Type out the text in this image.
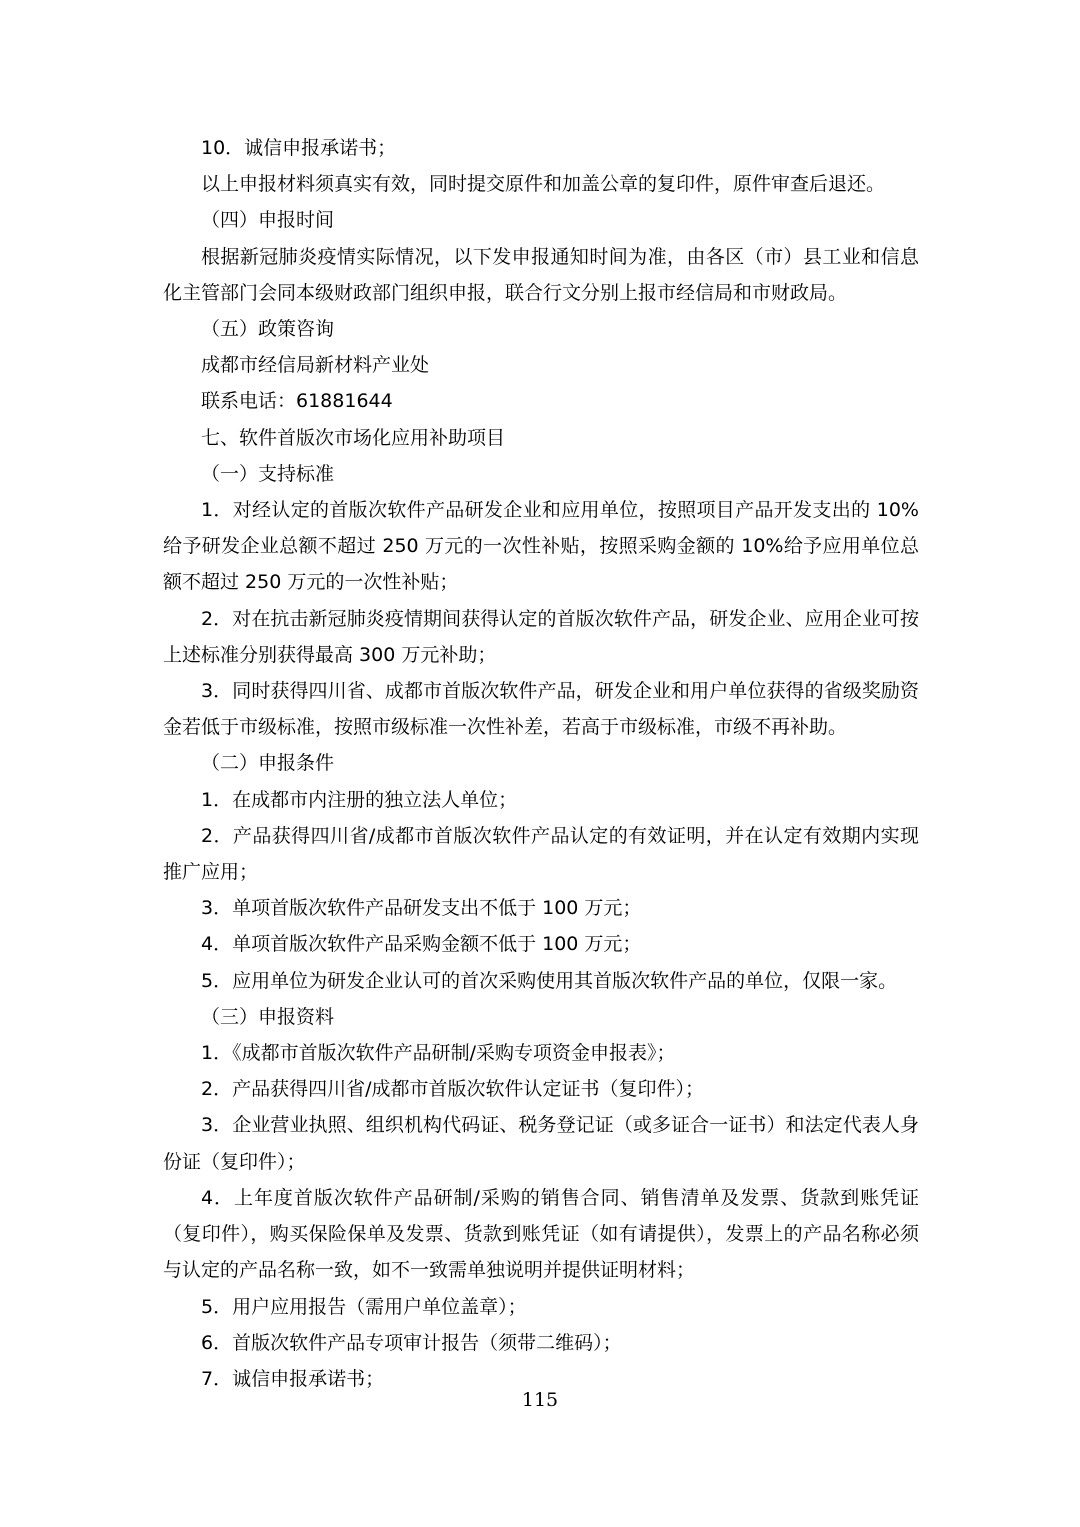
10．诚信申报承诺书；

以上申报材料须真实有效，同时提交原件和加盖公章的复印件，原件审查后退还。

（四）申报时间

根据新冠肺炎疫情实际情况，以下发申报通知时间为准，由各区（市）县工业和信息化主管部门会同本级财政部门组织申报，联合行文分别上报市经信局和市财政局。

（五）政策咨询

成都市经信局新材料产业处

联系电话：61881644

七、软件首版次市场化应用补助项目

（一）支持标准

1．对经认定的首版次软件产品研发企业和应用单位，按照项目产品开发支出的 10%给予研发企业总额不超过 250 万元的一次性补贴，按照采购金额的 10%给予应用单位总额不超过 250 万元的一次性补贴；

2．对在抗击新冠肺炎疫情期间获得认定的首版次软件产品，研发企业、应用企业可按上述标准分别获得最高 300 万元补助；

3．同时获得四川省、成都市首版次软件产品，研发企业和用户单位获得的省级奖励资金若低于市级标准，按照市级标准一次性补差，若高于市级标准，市级不再补助。

（二）申报条件

1．在成都市内注册的独立法人单位；

2．产品获得四川省/成都市首版次软件产品认定的有效证明，并在认定有效期内实现推广应用；

3．单项首版次软件产品研发支出不低于 100 万元；

4．单项首版次软件产品采购金额不低于 100 万元；

5．应用单位为研发企业认可的首次采购使用其首版次软件产品的单位，仅限一家。

（三）申报资料

1．《成都市首版次软件产品研制/采购专项资金申报表》；

2．产品获得四川省/成都市首版次软件认定证书（复印件）；

3．企业营业执照、组织机构代码证、税务登记证（或多证合一证书）和法定代表人身份证（复印件）；

4．上年度首版次软件产品研制/采购的销售合同、销售清单及发票、货款到账凭证（复印件），购买保险保单及发票、货款到账凭证（如有请提供），发票上的产品名称必须与认定的产品名称一致，如不一致需单独说明并提供证明材料；

5．用户应用报告（需用户单位盖章）；

6．首版次软件产品专项审计报告（须带二维码）；

7．诚信申报承诺书；

115
